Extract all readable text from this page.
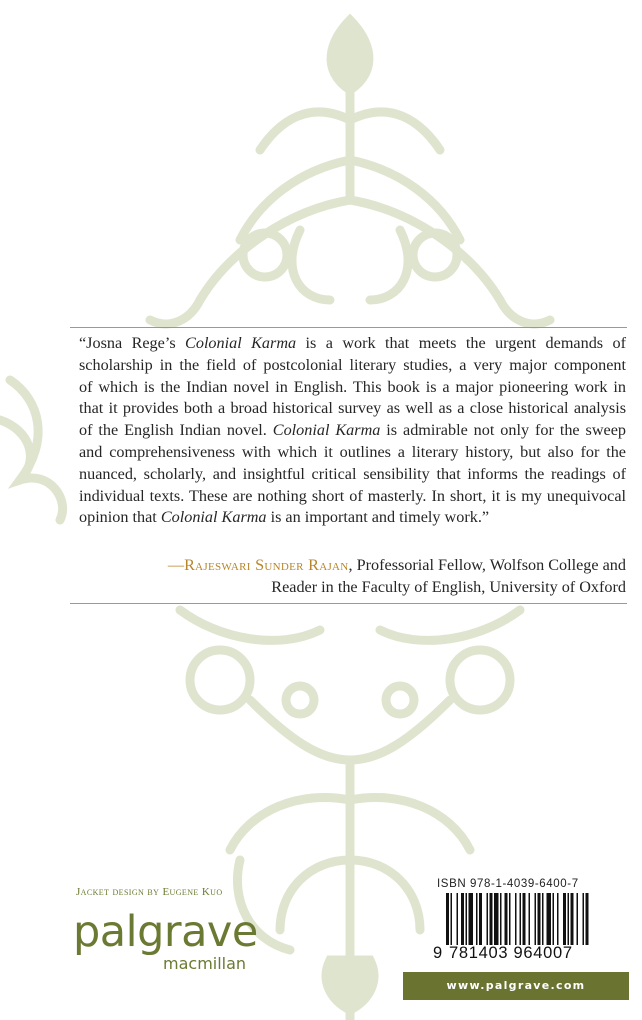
“Josna Rege’s Colonial Karma is a work that meets the urgent demands of
scholarship in the field of postcolonial literary studies, a very major component
of which is the Indian novel in English. This book is a major pioneering work in
that it provides both a broad historical survey as well as a close historical analysis
of the English Indian novel. Colonial Karma is admirable not only for the sweep
and comprehensiveness with which it outlines a literary history, but also for the
nuanced, scholarly, and insightful critical sensibility that informs the readings of
individual texts. These are nothing short of masterly. In short, it is my unequivocal
opinion that Colonial Karma is an important and timely work.”
—Rajeswari Sunder Rajan, Professorial Fellow, Wolfson College and
Reader in the Faculty of English, University of Oxford
Jacket design by Eugene Kuo
palgrave
macmillan
ISBN 978-1-4039-6400-7
9 781403 964007
www.palgrave.com
